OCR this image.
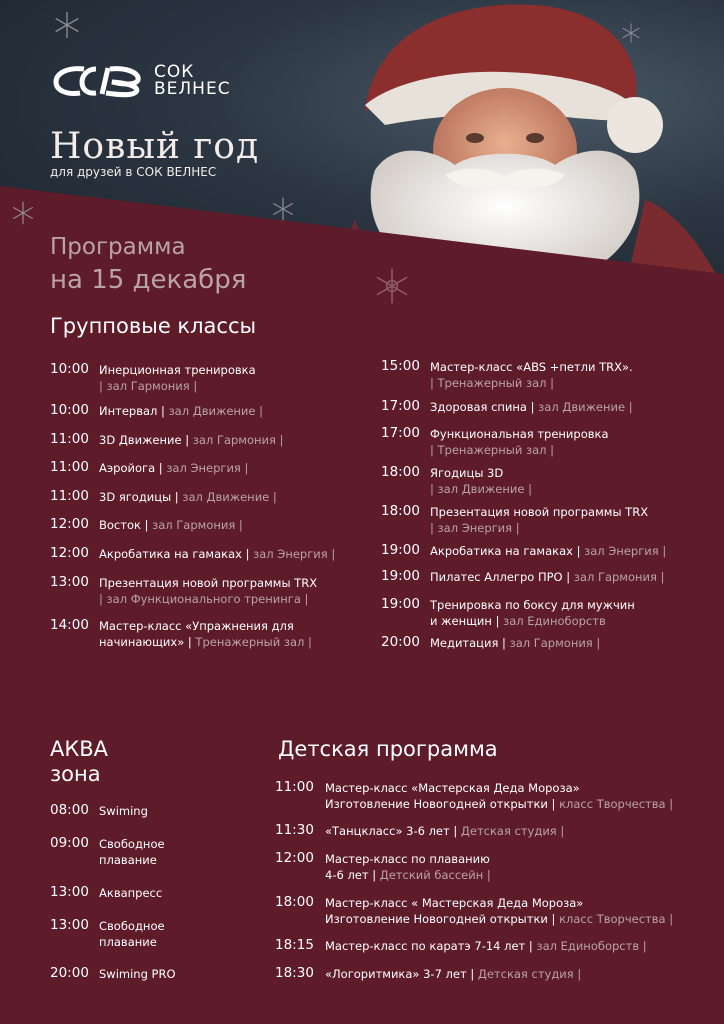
СОК
ВЕЛНЕС
Новый год
для друзей в СОК ВЕЛНЕС
Программа
на 15 декабря
Групповые классы
10:00 Инерционная тренировка
| зал Гармония |
10:00 Интервал | зал Движение |
11:00 3D Движение | зал Гармония |
11:00 Аэройога | зал Энергия |
11:00 3D ягодицы | зал Движение |
12:00 Восток | зал Гармония |
12:00 Акробатика на гамаках | зал Энергия |
13:00 Презентация новой программы TRX
| зал Функционального тренинга |
14:00 Мастер-класс «Упражнения для
начинающих» | Тренажерный зал |
15:00 Мастер-класс «ABS +петли TRX».
| Тренажерный зал |
17:00 Здоровая спина | зал Движение |
17:00 Функциональная тренировка
| Тренажерный зал |
18:00 Ягодицы 3D
| зал Движение |
18:00 Презентация новой программы TRX
| зал Энергия |
19:00 Акробатика на гамаках | зал Энергия |
19:00 Пилатес Аллегро ПРО | зал Гармония |
19:00 Тренировка по боксу для мужчин
и женщин | зал Единоборств
20:00 Медитация | зал Гармония |
АКВА
зона
Детская программа
08:00 Swiming
09:00 Свободное
плавание
13:00 Аквапресс
13:00 Свободное
плавание
20:00 Swiming PRO
11:00 Мастер-класс «Мастерская Деда Мороза»
Изготовление Новогодней открытки | класс Творчества |
11:30 «Танцкласс» 3-6 лет | Детская студия |
12:00 Мастер-класс по плаванию
4-6 лет | Детский бассейн |
18:00 Мастер-класс « Мастерская Деда Мороза»
Изготовление Новогодней открытки | класс Творчества |
18:15 Мастер-класс по каратэ 7-14 лет | зал Единоборств |
18:30 «Логоритмика» 3-7 лет | Детская студия |
